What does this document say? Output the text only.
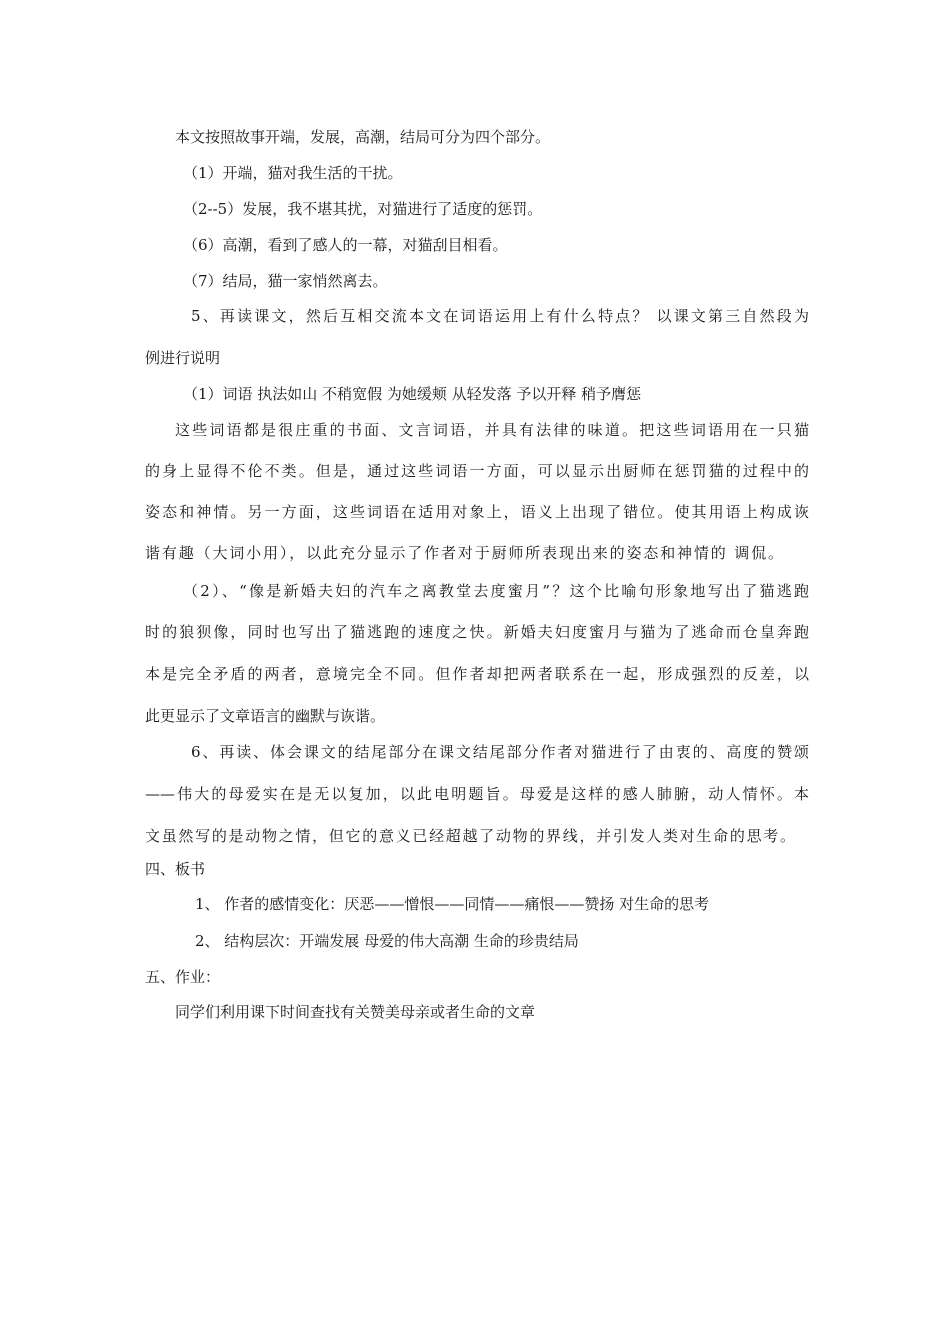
本文按照故事开端，发展，高潮，结局可分为四个部分。
（1）开端，猫对我生活的干扰。
（2--5）发展，我不堪其扰，对猫进行了适度的惩罚。
（6）高潮，看到了感人的一幕，对猫刮目相看。
（7）结局，猫一家悄然离去。
5、再读课文，然后互相交流本文在词语运用上有什么特点？ 以课文第三自然段为
例进行说明
（1）词语 执法如山 不稍宽假 为她缓颊 从轻发落 予以开释 稍予膺惩
这些词语都是很庄重的书面、文言词语，并具有法律的味道。把这些词语用在一只猫
的身上显得不伦不类。但是，通过这些词语一方面，可以显示出厨师在惩罚猫的过程中的
姿态和神情。另一方面，这些词语在适用对象上，语义上出现了错位。使其用语上构成诙
谐有趣（大词小用），以此充分显示了作者对于厨师所表现出来的姿态和神情的 调侃。
（2）、“像是新婚夫妇的汽车之离教堂去度蜜月”？这个比喻句形象地写出了猫逃跑
时的狼狈像，同时也写出了猫逃跑的速度之快。新婚夫妇度蜜月与猫为了逃命而仓皇奔跑
本是完全矛盾的两者，意境完全不同。但作者却把两者联系在一起，形成强烈的反差，以
此更显示了文章语言的幽默与诙谐。
6、再读、体会课文的结尾部分在课文结尾部分作者对猫进行了由衷的、高度的赞颂
——伟大的母爱实在是无以复加，以此电明题旨。母爱是这样的感人肺腑，动人情怀。本
文虽然写的是动物之情，但它的意义已经超越了动物的界线，并引发人类对生命的思考。
四、板书
1、 作者的感情变化：厌恶——憎恨——同情——痛恨——赞扬 对生命的思考
2、 结构层次：开端发展 母爱的伟大高潮 生命的珍贵结局
五、作业：
同学们利用课下时间查找有关赞美母亲或者生命的文章
